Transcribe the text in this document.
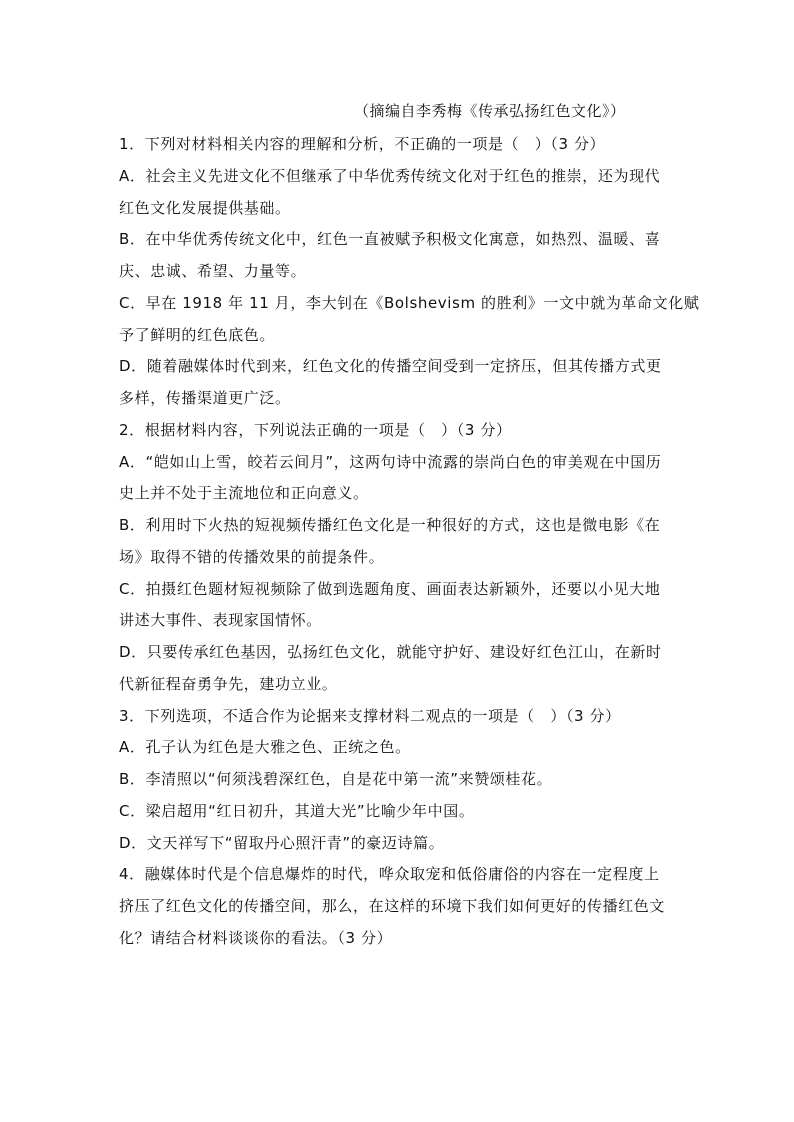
（摘编自李秀梅《传承弘扬红色文化》）
1．下列对材料相关内容的理解和分析，不正确的一项是（　）（3 分）
A．社会主义先进文化不但继承了中华优秀传统文化对于红色的推崇，还为现代
红色文化发展提供基础。
B．在中华优秀传统文化中，红色一直被赋予积极文化寓意，如热烈、温暖、喜
庆、忠诚、希望、力量等。
C．早在 1918 年 11 月，李大钊在《Bolshevism 的胜利》一文中就为革命文化赋
予了鲜明的红色底色。
D．随着融媒体时代到来，红色文化的传播空间受到一定挤压，但其传播方式更
多样，传播渠道更广泛。
2．根据材料内容，下列说法正确的一项是（　）（3 分）
A．“皑如山上雪，皎若云间月”，这两句诗中流露的崇尚白色的审美观在中国历
史上并不处于主流地位和正向意义。
B．利用时下火热的短视频传播红色文化是一种很好的方式，这也是微电影《在
场》取得不错的传播效果的前提条件。
C．拍摄红色题材短视频除了做到选题角度、画面表达新颖外，还要以小见大地
讲述大事件、表现家国情怀。
D．只要传承红色基因，弘扬红色文化，就能守护好、建设好红色江山，在新时
代新征程奋勇争先，建功立业。
3．下列选项，不适合作为论据来支撑材料二观点的一项是（　）（3 分）
A．孔子认为红色是大雅之色、正统之色。
B．李清照以“何须浅碧深红色，自是花中第一流”来赞颂桂花。
C．梁启超用“红日初升，其道大光”比喻少年中国。
D．文天祥写下“留取丹心照汗青”的豪迈诗篇。
4．融媒体时代是个信息爆炸的时代，哗众取宠和低俗庸俗的内容在一定程度上
挤压了红色文化的传播空间，那么，在这样的环境下我们如何更好的传播红色文
化？请结合材料谈谈你的看法。（3 分）
